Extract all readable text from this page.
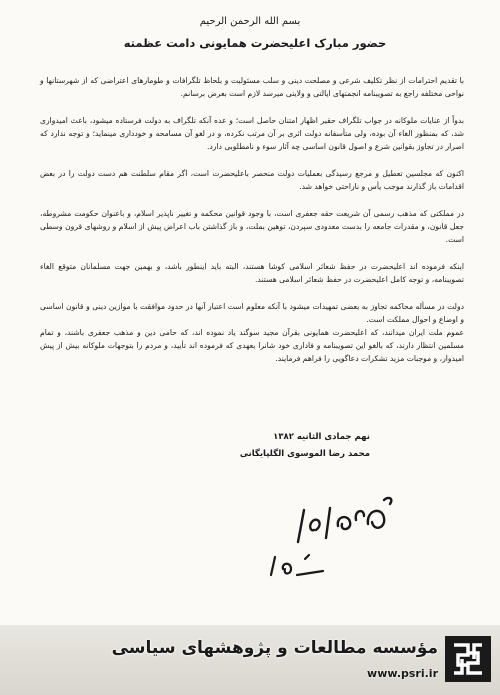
بسم الله الرحمن الرحیم
حضور مبارک اعلیحضرت همایونی دامت عظمته
با تقدیم احترامات از نظر تکلیف شرعی و مصلحت دینی و سلب مسئولیت و بلحاظ تلگرافات و طومارهای اعتراضی که از شهرستانها و نواحی مختلفه راجع به تصویبنامه انجمنهای ایالتی و ولایتی میرسد لازم است بعرض برسانم.
بدواً از عنایات ملوکانه در جواب تلگراف حقیر اظهار امتنان حاصل است؛ و عده آنکه تلگراف به دولت فرستاده میشود، باعث امیدواری شد، که بمنظور الغاء آن بوده، ولی متأسفانه دولت اثری بر آن مرتب نکرده، و در لغو آن مسامحه و خودداری مینماید؛ و توجه ندارد که اصرار در تجاوز بقوانین شرع و اصول قانون اساسی چه آثار سوء و نامطلوبی دارد.
اکنون که مجلسین تعطیل و مرجع رسیدگی بعملیات دولت منحصر باعلیحضرت است، اگر مقام سلطنت هم دست دولت را در بعض اقدامات باز گذارند موجب یأس و ناراحتی خواهد شد.
در مملکتی که مذهب رسمی آن شریعت حقه جعفری است، با وجود قوانین محکمه و تغییر ناپذیر اسلام، و باعنوان حکومت مشروطه، جعل قانون، و مقدرات جامعه را بدست معدودی سپردن، توهین بملت، و باز گذاشتن باب اعراض پیش از اسلام و روشهای قرون وسطی است.
اینکه فرموده اند اعلیحضرت در حفظ شعائر اسلامی کوشا هستند، البته باید اینطور باشد، و بهمین جهت مسلمانان متوقع الغاء تصویبنامه، و توجه کامل اعلیحضرت در حفظ شعائر اسلامی هستند.
دولت در مسأله محاکمه تجاوز به بعضی تمهیدات میشود با آنکه معلوم است اعتبار آنها در حدود موافقت با موازین دینی و قانون اساسی و اوضاع و احوال مملکت است.
عموم ملت ایران میدانند، که اعلیحضرت همایونی بقرآن مجید سوگند یاد نموده اند، که حامی دین و مذهب جعفری باشند، و تمام مسلمین انتظار دارند، که بالغو این تصویبنامه و فاداری خود شانرا بعهدی که فرموده اند تأیید، و مردم را بتوجهات ملوکانه بیش از پیش امیدوار، و موجبات مزید تشکرات دعاگویی را فراهم فرمایند.
نهم جمادی الثانیه ۱۳۸۲
محمد رضا الموسوی الگلپایگانی
مؤسسه مطالعات و پژوهشهای سیاسی
www.psri.ir
